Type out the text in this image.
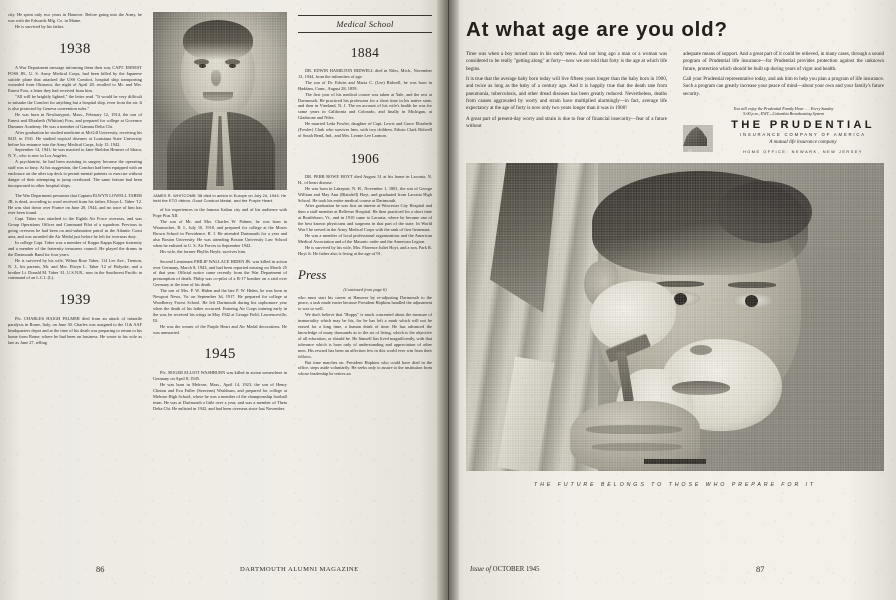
city. He spent only two years in Hanover. Before going into the Army, he was with the Edwards Mfg. Co. in Maine.

He is survived by his father.

1938

A War Department message informing them their son, CAPT. ERNEST FOSS JR., U. S. Army Medical Corps, had been killed by the Japanese suicide plane that attacked the USS Comfort, hospital ship transporting wounded from Okinawa, the night of April 28, recalled to Mr. and Mrs. Ernest Foss, a letter they had received from him.

"All will be brightly lighted," the letter read. "It would be very difficult to mistake the Comfort for anything but a hospital ship, even from the air. It is also protected by Geneva convention rules."

He was born in Newburyport, Mass., February 12, 1914, the son of Ernest and Elizabeth (Whitton) Foss, and prepared for college at Governor Dummer Academy. He was a member of Gamma Delta Chi.

After graduation he studied medicine at McGill University, receiving his M.D. in 1941. He studied tropical diseases at Louisiana State University before his entrance into the Army Medical Corps, July 15, 1942.

September 14, 1941, he was married to Jane Sheldon Hosmer of Ithaca, N. Y., who is now in Los Angeles.

A psychiatrist, he had been assisting in surgery because the operating staff was so busy. At his suggestion, the Comfort had been equipped with an enclosure on the after top deck to permit mental patients to exercise without danger of their attempting to jump overboard. The same feature had been incorporated in other hospital ships.

The War Department presumes that Captain ELWYN LOWELL TABER JR. is dead, according to word received from his father, Elwyn L. Taber '12. He was shot down over France on June 20, 1944, and no trace of him has ever been found.

Capt. Taber was attached to the Eighth Air Force overseas, and was Group Operations Officer and Command Pilot of a squadron. Previous to going overseas he had been on anti-submarine patrol in the Atlantic Coast area, and was awarded the Air Medal just before he left for overseas duty.

In college Capt. Taber was a member of Kappa Kappa Kappa fraternity and a member of the fraternity treasurers council. He played the drums in the Dartmouth Band for four years.

He is survived by his wife, Wilma Rose Taber, 114 Lee Ave., Trenton, N. J., his parents, Mr. and Mrs. Elwyn L. Taber '12 of Holyoke, and a brother Lt. Donald M. Taber '41, U.S.N.R., now in the Southwest Pacific in command of an L.C.I. (L).

1939

Pfc. CHARLES HAIGH PALMER died from an attack of infantile paralysis in Rome, Italy, on June 30. Charles was assigned to the 11th AAF headquarters depot and at the time of his death was preparing to return to his home from Rome, where he had been on business. He wrote to his wife as late as June 27, telling

JAMES R. WHITCOMB '38 died in action in Europe on July 24, 1944. He held the ETO ribbon, Good Conduct Medal, and the Purple Heart.

of his experiences in the famous Italian city and of his audience with Pope Pius XII.

The son of Mr. and Mrs. Charles W. Palmer, he was born in Woonsocket, R. I., July 10, 1918, and prepared for college at the Moses Brown School in Providence, R. I. He attended Dartmouth for a year and also Boston University. He was attending Boston University Law School when he enlisted in U. S. Air Forces in September 1942.

His wife, the former Phyllis Hoyle, survives him.

Second Lieutenant PHILIP WALLACE HIDEN JR. was killed in action over Germany, March 8, 1943, and had been reported missing on March 25 of that year. Official notice came recently from the War Department of presumption of death. Philip was co-pilot of a B-17 bomber on a raid over Germany at the time of his death.

The son of Mrs. P. W. Hiden and the late P. W. Hiden, he was born in Newport News, Va. on September 3d, 1917. He prepared for college at Woodberry Forest School. He left Dartmouth during his sophomore year when the death of his father occurred. Entering Air Corps training early in the war, he received his wings in May 1942 at George Field, Lawrenceville, Ill.

He was the wearer of the Purple Heart and Air Medal decorations. He was unmarried.

1945

Pfc. ROGER ELLIOT WASHBURN was killed in action somewhere in Germany on April 8, 1945.

He was born in Melrose, Mass., April 14, 1923, the son of Henry Clinton and Eva Fuller (Seavems) Washburn, and prepared for college at Melrose High School, where he was a member of the championship football team. He was at Dartmouth a little over a year, and was a member of Theta Delta Chi. He enlisted in 1942, and had been overseas since last November.

Medical School
1884

DR. EDWIN HAMILTON BIDWELL died in Niles, Mich., November 13, 1944, from the infirmities of age.

The son of Dr. Edwin and Maria C. (Lee) Bidwell, he was born in Haddam, Conn., August 28, 1859.

The first year of his medical course was taken at Yale, and the rest at Dartmouth. He practiced his profession for a short time in his native state, and then in Vineland, N. J. The on account of his wife's health he was for some years in California and Colorado, and finally in Michigan, at Gladstone and Niles.

He married Leda Fowler, daughter of Capt. Lewis and Grace Elizabeth (Fowler) Clark who survives him, with two children, Edwin Clark Bidwell of South Bend, Ind., and Mrs. Leonie Lee Larmon.

1906

DR. PERR ROWE HOYT died August 31 at his home in Laconia, N. H., of heart disease.

He was born in Lakeport, N. H., November 1, 1881, the son of George William and May Ann (Blaisdell) Hoyt, and graduated from Laconia High School. He took his entire medical course at Dartmouth.

After graduation he was first an interne at Worcester City Hospital and then a staff member at Bellevue Hospital. He then practiced for a short time at Brattleboro, Vt., and in 1910 came to Laconia, where he became one of the best known physicians and surgeons in that part of the state. In World War I he served in the Army Medical Corps with the rank of first lieutenant.

He was a member of local professional organizations and the American Medical Association and of the Masonic order and the American Legion.

He is survived by his wife, Mrs. Florence Juliet Hoyt, and a son, Park R. Hoyt Jr. He father also is living at the age of 91.

Press
(Continued from page 6)

who must start his career at Hanover by re-adjusting Dartmouth to the peace, a task made easier because President Hopkins handled the adjustment to war so well.

We don't believe that "Hoppy" is much concerned about the measure of immortality which may be his, for he has left a mark which will not be erased for a long time, a human drink of time. He has advanced the knowledge of many thousands as to the art of living, which is the objective of all education, or should be. He himself has lived magnificently, with that tolerance which is born only of understanding and appreciation of other men. His reward has been an affection few in this world ever win from their fellows.

But time marches on. President Hopkins who could have died in the office, steps aside voluntarily. He seeks only to assure to the institution from whose leadership he retires an

At what age are you old?

Time was when a boy turned man in his early teens. And not long ago a man or a woman was considered to be really "getting along" at forty—now we are told that forty is the age at which life begins.

It is true that the average baby born today will live fifteen years longer than the baby born in 1900, and twice as long as the baby of a century ago. And it is happily true that the death rate from pneumonia, tuberculosis, and other dread diseases has been greatly reduced. Nevertheless, deaths from causes aggravated by worry and strain have multiplied alarmingly—in fact, average life expectancy at the age of forty is now only two years longer than it was in 1900!

A great part of present-day worry and strain is due to fear of financial insecurity—fear of a future without

adequate means of support. And a great part of it could be relieved, in many cases, through a sound program of Prudential life insurance—for Prudential provides protection against the unknown future, protection which should be built up during years of vigor and health.

Call your Prudential representative today, and ask him to help you plan a program of life insurance. Such a program can greatly increase your peace of mind—about your own and your family's future security.

You will enjoy the Prudential Family Hour . . . Every Sunday
5:00 p.m., EWT—Columbia Broadcasting System
THE PRUDENTIAL
INSURANCE COMPANY OF AMERICA
A mutual life insurance company
HOME OFFICE: NEWARK, NEW JERSEY
THE FUTURE BELONGS TO THOSE WHO PREPARE FOR IT
86	DARTMOUTH ALUMNI MAGAZINE	Issue of OCTOBER 1945	87
